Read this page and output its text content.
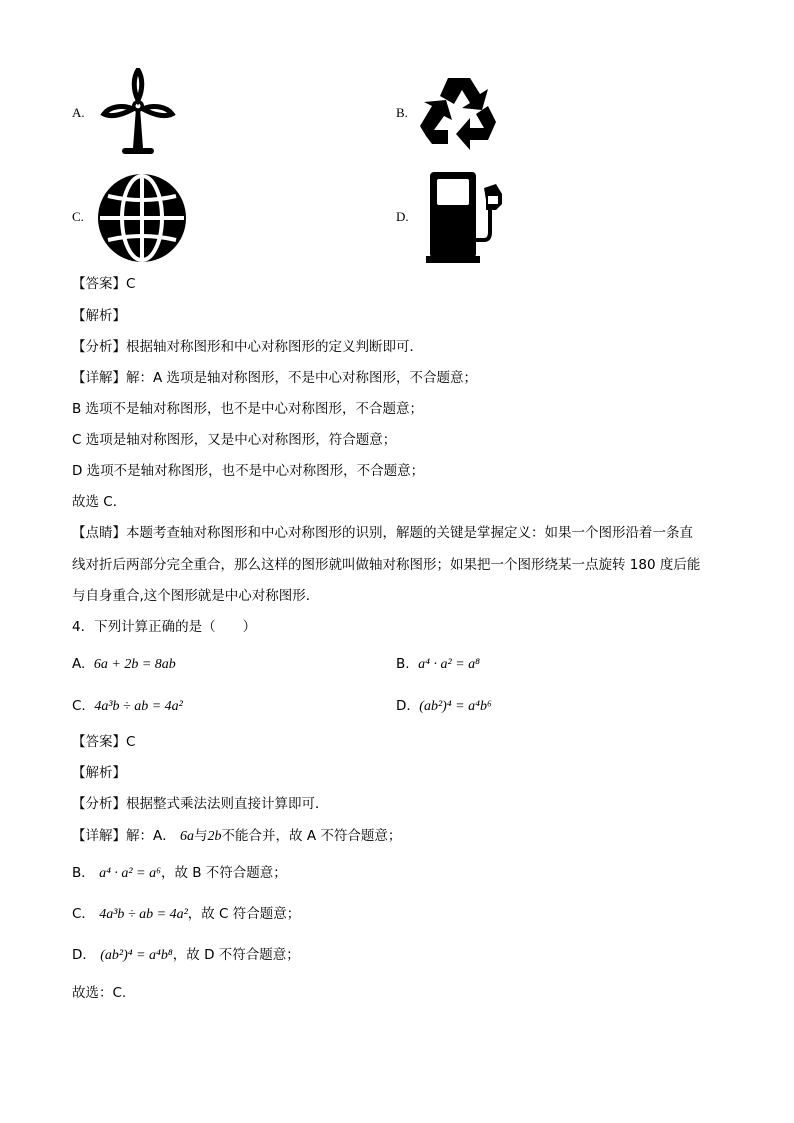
A.	B.
C.	D.
【答案】C
【解析】
【分析】根据轴对称图形和中心对称图形的定义判断即可．
【详解】解：A 选项是轴对称图形，不是中心对称图形，不合题意；
B 选项不是轴对称图形，也不是中心对称图形，不合题意；
C 选项是轴对称图形，又是中心对称图形，符合题意；
D 选项不是轴对称图形，也不是中心对称图形，不合题意；
故选 C．
【点睛】本题考查轴对称图形和中心对称图形的识别，解题的关键是掌握定义：如果一个图形沿着一条直
线对折后两部分完全重合，那么这样的图形就叫做轴对称图形；如果把一个图形绕某一点旋转 180 度后能
与自身重合,这个图形就是中心对称图形．
4．下列计算正确的是（　　）
A. 6a + 2b = 8ab	B. a⁴ · a² = a⁸
C. 4a³b ÷ ab = 4a²	D. (ab²)⁴ = a⁴b⁶
【答案】C
【解析】
【分析】根据整式乘法法则直接计算即可．
【详解】解：A． 6a与2b不能合并，故 A 不符合题意；
B． a⁴ · a² = a⁶，故 B 不符合题意；
C． 4a³b ÷ ab = 4a²，故 C 符合题意；
D． (ab²)⁴ = a⁴b⁸，故 D 不符合题意；
故选：C.
